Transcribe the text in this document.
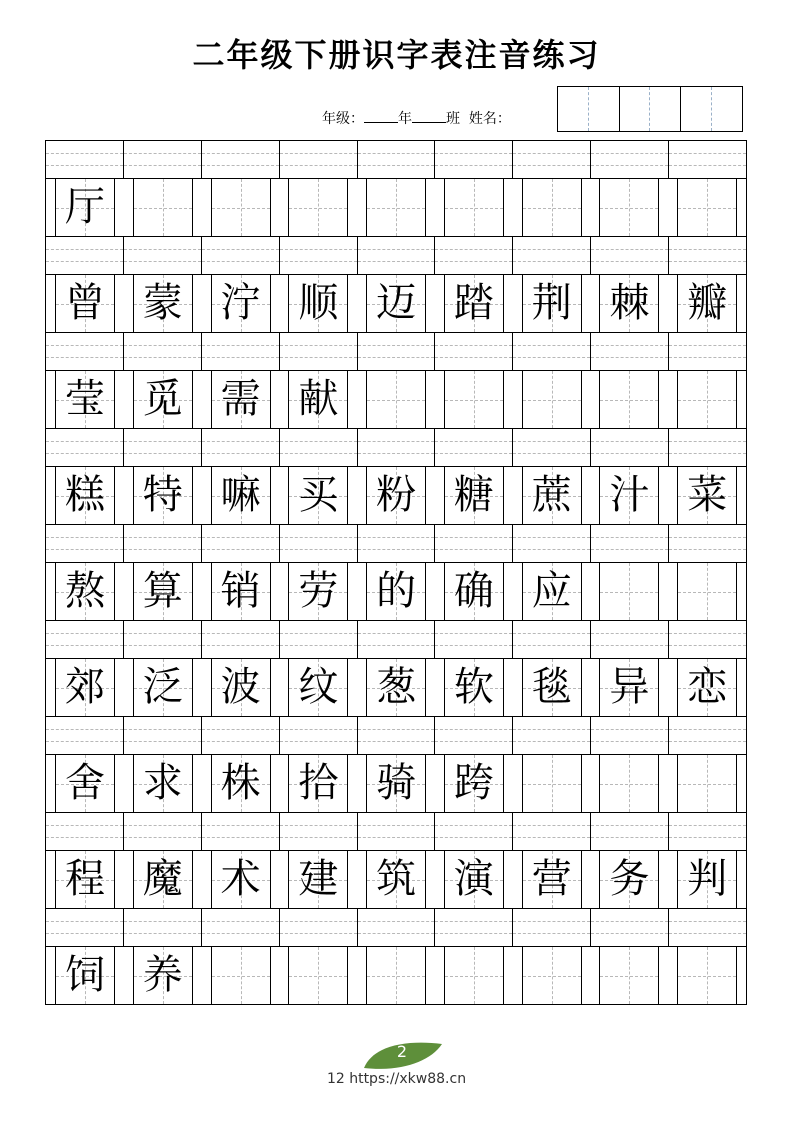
二年级下册识字表注音练习
年级： 年 班 姓名：
厅
曾 蒙 泞 顺 迈 踏 荆 棘 瓣
莹 觅 需 献
糕 特 嘛 买 粉 糖 蔗 汁 菜
熬 算 销 劳 的 确 应
郊 泛 波 纹 葱 软 毯 异 恋
舍 求 株 拾 骑 跨
程 魔 术 建 筑 演 营 务 判
饲 养
2
12 https://xkw88.cn
